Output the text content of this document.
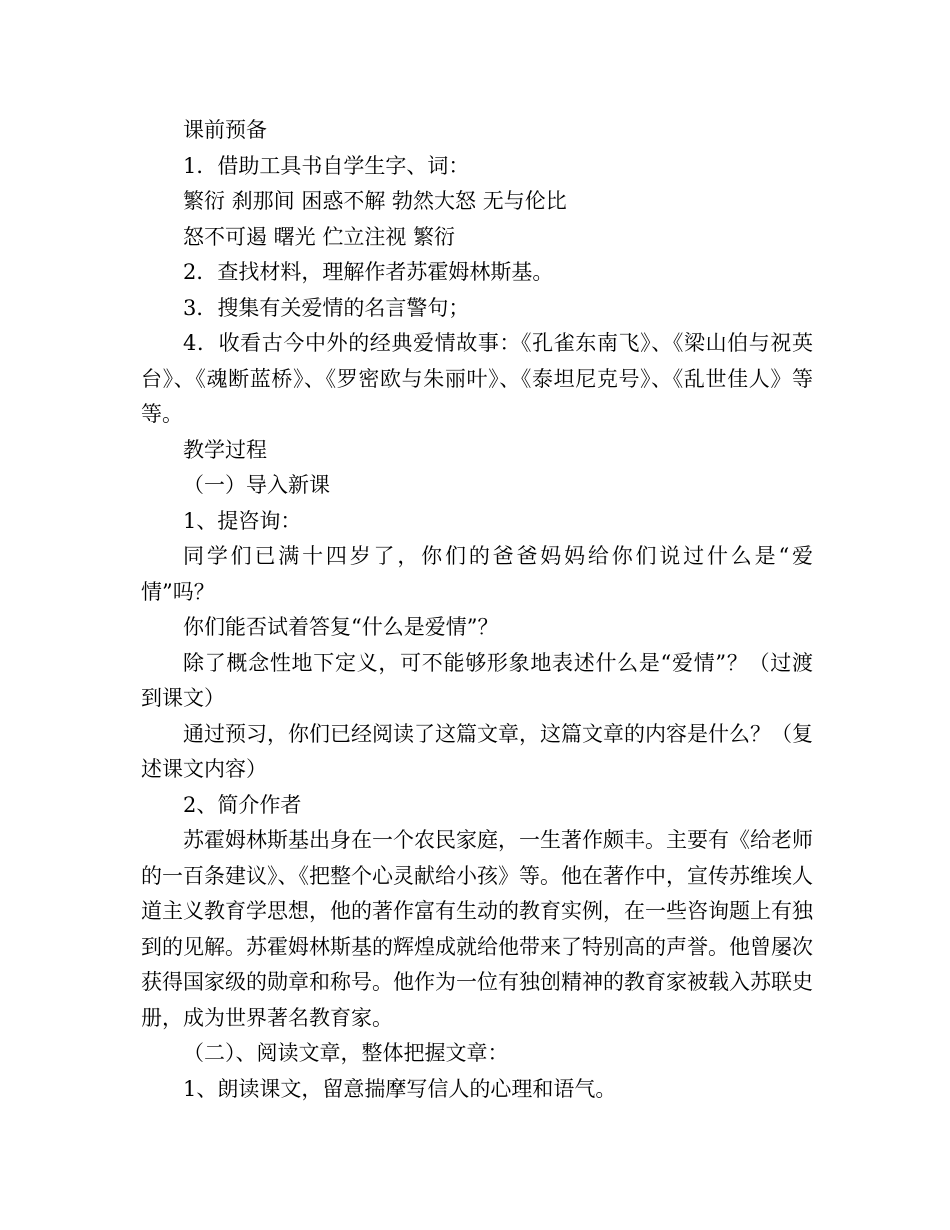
课前预备

1．借助工具书自学生字、词：

繁衍 刹那间 困惑不解 勃然大怒 无与伦比

怒不可遏 曙光 伫立注视 繁衍

2．查找材料，理解作者苏霍姆林斯基。

3．搜集有关爱情的名言警句；

4．收看古今中外的经典爱情故事：《孔雀东南飞》、《梁山伯与祝英台》、《魂断蓝桥》、《罗密欧与朱丽叶》、《泰坦尼克号》、《乱世佳人》等等。

教学过程

（一）导入新课

1、提咨询：

同学们已满十四岁了，你们的爸爸妈妈给你们说过什么是“爱情”吗？

你们能否试着答复“什么是爱情”？

除了概念性地下定义，可不能够形象地表述什么是“爱情”？（过渡到课文）

通过预习，你们已经阅读了这篇文章，这篇文章的内容是什么？（复述课文内容）

2、简介作者

苏霍姆林斯基出身在一个农民家庭，一生著作颇丰。主要有《给老师的一百条建议》、《把整个心灵献给小孩》等。他在著作中，宣传苏维埃人道主义教育学思想，他的著作富有生动的教育实例，在一些咨询题上有独到的见解。苏霍姆林斯基的辉煌成就给他带来了特别高的声誉。他曾屡次获得国家级的勋章和称号。他作为一位有独创精神的教育家被载入苏联史册，成为世界著名教育家。

（二）、阅读文章，整体把握文章：

1、朗读课文，留意揣摩写信人的心理和语气。
